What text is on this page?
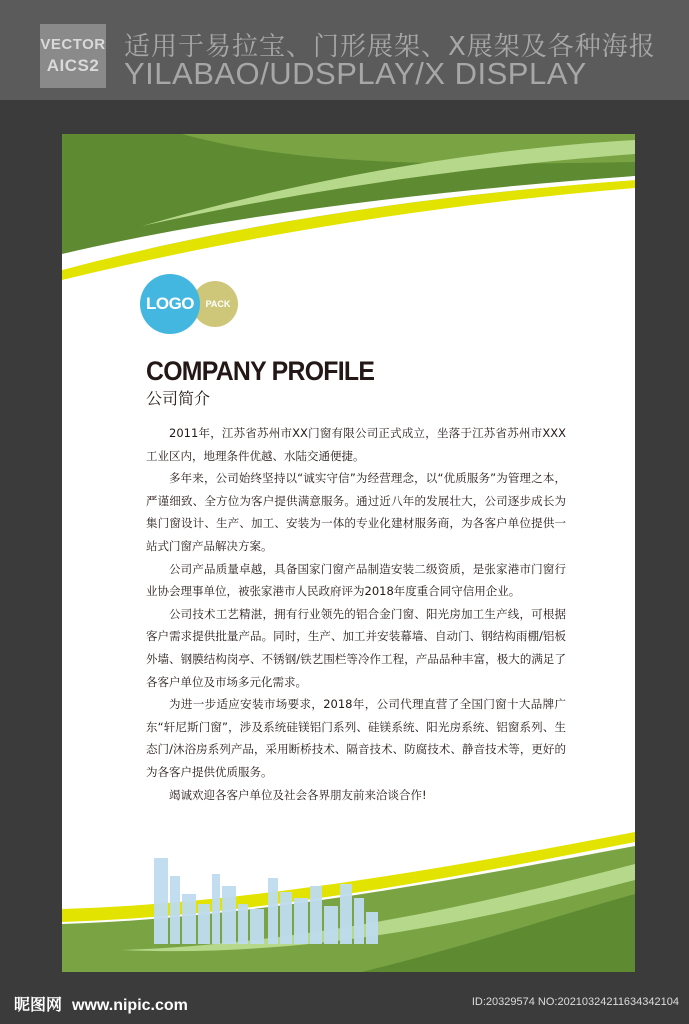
VECTOR
AICS2
适用于易拉宝、门形展架、X展架及各种海报
YILABAO/UDSPLAY/X DISPLAY
PACK
LOGO
COMPANY PROFILE
公司简介

2011年，江苏省苏州市XX门窗有限公司正式成立，坐落于江苏省苏州市XXX工业区内，地理条件优越、水陆交通便捷。

多年来，公司始终坚持以“诚实守信”为经营理念，以“优质服务”为管理之本，严谨细致、全方位为客户提供满意服务。通过近八年的发展壮大，公司逐步成长为集门窗设计、生产、加工、安装为一体的专业化建材服务商，为各客户单位提供一站式门窗产品解决方案。

公司产品质量卓越，具备国家门窗产品制造安装二级资质，是张家港市门窗行业协会理事单位，被张家港市人民政府评为2018年度重合同守信用企业。

公司技术工艺精湛，拥有行业领先的铝合金门窗、阳光房加工生产线，可根据客户需求提供批量产品。同时，生产、加工并安装幕墙、自动门、钢结构雨棚/铝板外墙、钢膜结构岗亭、不锈钢/铁艺围栏等冷作工程，产品品种丰富，极大的满足了各客户单位及市场多元化需求。

为进一步适应安装市场要求，2018年，公司代理直营了全国门窗十大品牌广东“轩尼斯门窗”，涉及系统硅镁铝门系列、硅镁系统、阳光房系统、铝窗系列、生态门/沐浴房系列产品，采用断桥技术、隔音技术、防腐技术、静音技术等，更好的为各客户提供优质服务。

竭诚欢迎各客户单位及社会各界朋友前来洽谈合作!

昵图网 www.nipic.com	ID:20329574 NO:20210324211634342104
